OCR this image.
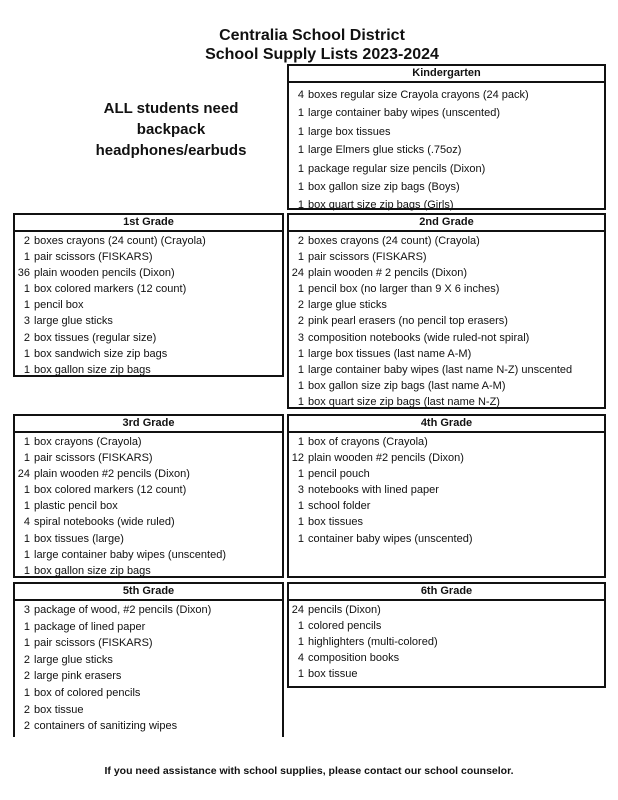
Centralia School District
School Supply Lists 2023-2024
ALL students need
backpack
headphones/earbuds
Kindergarten
4 boxes regular size Crayola crayons (24 pack)
1 large container baby wipes (unscented)
1 large box tissues
1 large Elmers glue sticks (.75oz)
1 package regular size pencils (Dixon)
1 box gallon size zip bags (Boys)
1 box quart size zip bags (Girls)
1st Grade
2 boxes crayons (24 count) (Crayola)
1 pair scissors (FISKARS)
36 plain wooden pencils (Dixon)
1 box colored markers (12 count)
1 pencil box
3 large glue sticks
2 box tissues (regular size)
1 box sandwich size zip bags
1 box gallon size zip bags
2nd Grade
2 boxes crayons (24 count) (Crayola)
1 pair scissors (FISKARS)
24 plain wooden # 2 pencils (Dixon)
1 pencil box (no larger than 9 X 6 inches)
2 large glue sticks
2 pink pearl erasers (no pencil top erasers)
3 composition notebooks (wide ruled-not spiral)
1 large box tissues (last name A-M)
1 large container baby wipes (last name N-Z) unscented
1 box gallon size zip bags (last name A-M)
1 box quart size zip bags (last name N-Z)
3rd Grade
1 box crayons (Crayola)
1 pair scissors (FISKARS)
24 plain wooden #2 pencils (Dixon)
1 box colored markers (12 count)
1 plastic pencil box
4 spiral notebooks (wide ruled)
1 box tissues (large)
1 large container baby wipes (unscented)
1 box gallon size zip bags
4th Grade
1 box of crayons (Crayola)
12 plain wooden #2 pencils (Dixon)
1 pencil pouch
3 notebooks with lined paper
1 school folder
1 box tissues
1 container baby wipes (unscented)
5th Grade
3 package of wood, #2 pencils (Dixon)
1 package of lined paper
1 pair scissors (FISKARS)
2 large glue sticks
2 large pink erasers
1 box of colored pencils
2 box tissue
2 containers of sanitizing wipes
6th Grade
24 pencils (Dixon)
1 colored pencils
1 highlighters (multi-colored)
4 composition books
1 box tissue
If you need assistance with school supplies, please contact our school counselor.
